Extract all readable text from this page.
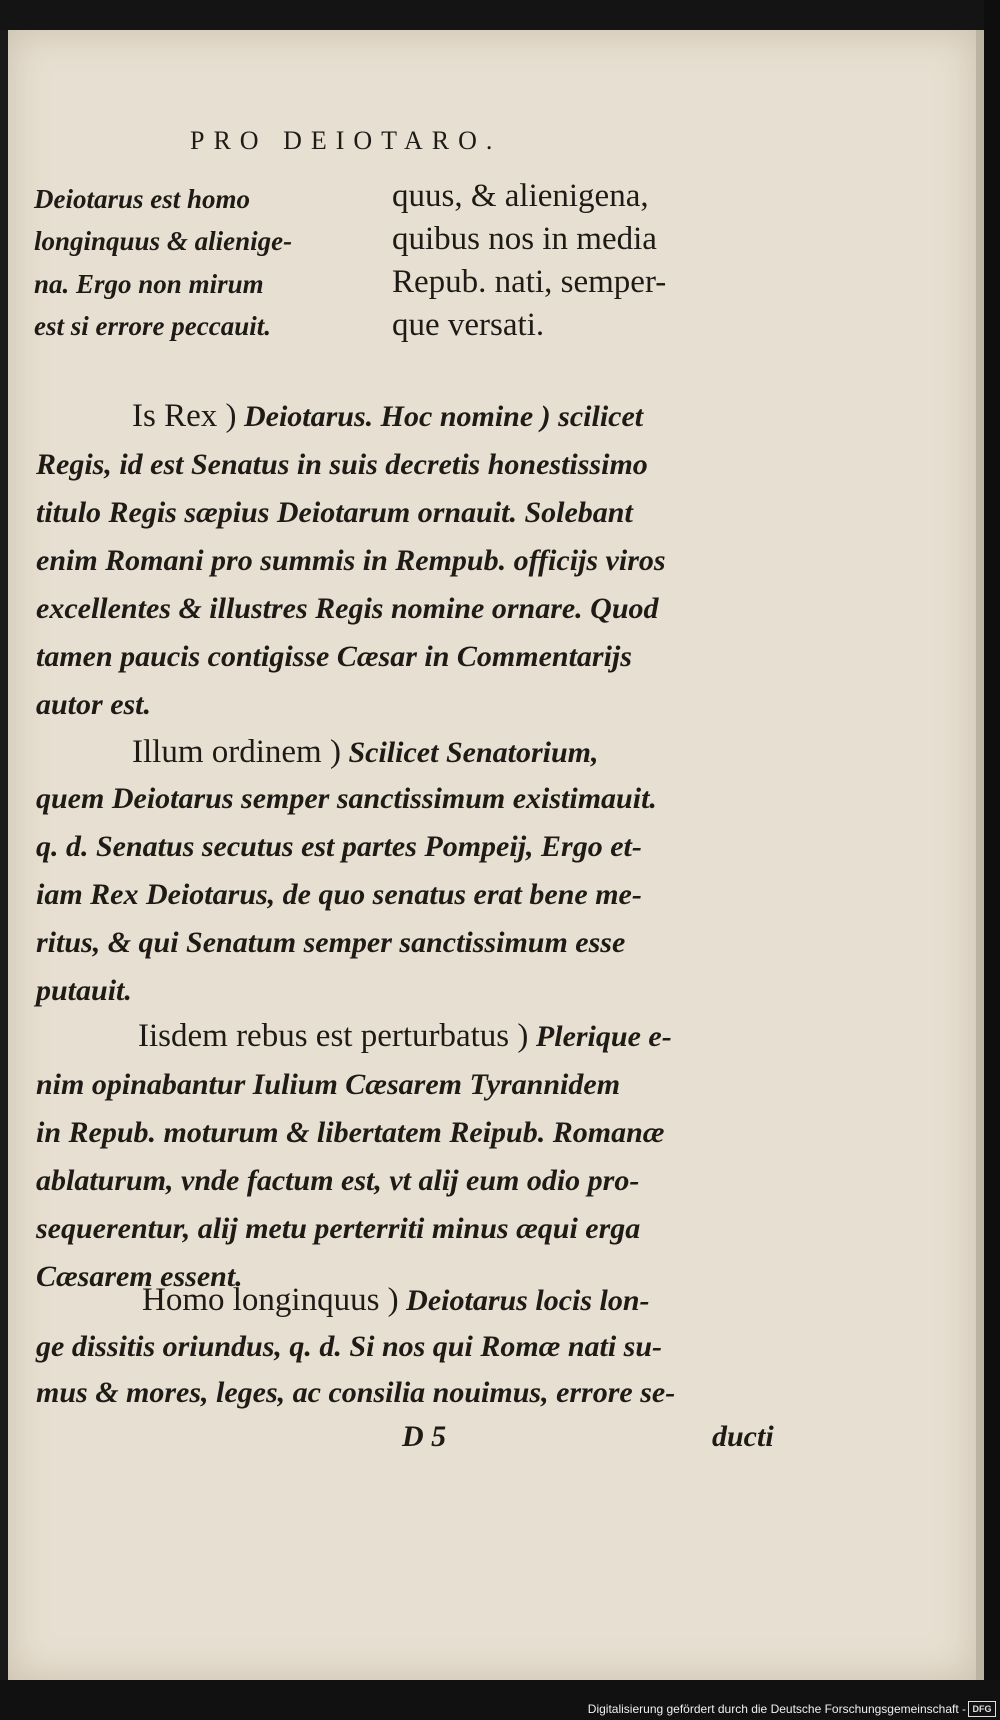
PRO DEIOTARO.
Deiotarus est homo
longinquus & alienige-
na. Ergo non mirum
est si errore peccauit.
quus, & alienigena,
quibus nos in media
Repub. nati, semper-
que versati.
Is Rex ) Deiotarus. Hoc nomine ) scilicet
Regis, id est Senatus in suis decretis honestissimo
titulo Regis sæpius Deiotarum ornauit. Solebant
enim Romani pro summis in Rempub. officijs viros
excellentes & illustres Regis nomine ornare. Quod
tamen paucis contigisse Cæsar in Commentarijs
autor est.
Illum ordinem ) Scilicet Senatorium,
quem Deiotarus semper sanctissimum existimauit.
q. d. Senatus secutus est partes Pompeij, Ergo et-
iam Rex Deiotarus, de quo senatus erat bene me-
ritus, & qui Senatum semper sanctissimum esse
putauit.
Iisdem rebus est perturbatus ) Plerique e-
nim opinabantur Iulium Cæsarem Tyrannidem
in Repub. moturum & libertatem Reipub. Romanæ
ablaturum, vnde factum est, vt alij eum odio pro-
sequerentur, alij metu perterriti minus æqui erga
Cæsarem essent.
Homo longinquus ) Deiotarus locis lon-
ge dissitis oriundus, q. d. Si nos qui Romæ nati su-
mus & mores, leges, ac consilia nouimus, errore se-
D 5	ducti
Digitalisierung gefördert durch die Deutsche Forschungsgemeinschaft - DFG
